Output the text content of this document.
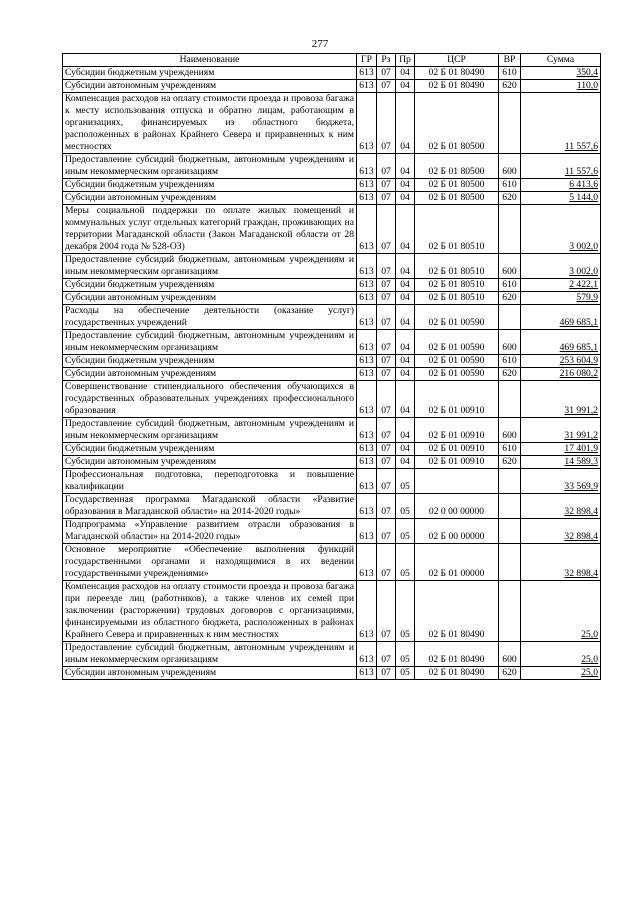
277
Наименование	ГР	Рз	Пр	ЦСР	ВР	Сумма
Субсидии бюджетным учреждениям	613	07	04	02 Б 01 80490	610	350,4
Субсидии автономным учреждениям	613	07	04	02 Б 01 80490	620	110,0
Компенсация расходов на оплату стоимости проезда и провоза багажа к месту использования отпуска и обратно лицам, работающим в организациях, финансируемых из областного бюджета, расположенных в районах Крайнего Севера и приравненных к ним местностях	613	07	04	02 Б 01 80500		11 557,6
Предоставление субсидий бюджетным, автономным учреждениям и иным некоммерческим организациям	613	07	04	02 Б 01 80500	600	11 557,6
Субсидии бюджетным учреждениям	613	07	04	02 Б 01 80500	610	6 413,6
Субсидии автономным учреждениям	613	07	04	02 Б 01 80500	620	5 144,0
Меры социальной поддержки по оплате жилых помещений и коммунальных услуг отдельных категорий граждан, проживающих на территории Магаданской области (Закон Магаданской области от 28 декабря 2004 года № 528-ОЗ)	613	07	04	02 Б 01 80510		3 002,0
Предоставление субсидий бюджетным, автономным учреждениям и иным некоммерческим организациям	613	07	04	02 Б 01 80510	600	3 002,0
Субсидии бюджетным учреждениям	613	07	04	02 Б 01 80510	610	2 422,1
Субсидии автономным учреждениям	613	07	04	02 Б 01 80510	620	579,9
Расходы на обеспечение деятельности (оказание услуг) государственных учреждений	613	07	04	02 Б 01 00590		469 685,1
Предоставление субсидий бюджетным, автономным учреждениям и иным некоммерческим организациям	613	07	04	02 Б 01 00590	600	469 685,1
Субсидии бюджетным учреждениям	613	07	04	02 Б 01 00590	610	253 604,9
Субсидии автономным учреждениям	613	07	04	02 Б 01 00590	620	216 080,2
Совершенствование стипендиального обеспечения обучающихся в государственных образовательных учреждениях профессионального образования	613	07	04	02 Б 01 00910		31 991,2
Предоставление субсидий бюджетным, автономным учреждениям и иным некоммерческим организациям	613	07	04	02 Б 01 00910	600	31 991,2
Субсидии бюджетным учреждениям	613	07	04	02 Б 01 00910	610	17 401,9
Субсидии автономным учреждениям	613	07	04	02 Б 01 00910	620	14 589,3
Профессиональная подготовка, переподготовка и повышение квалификации	613	07	05			33 569,9
Государственная программа Магаданской области «Развитие образования в Магаданской области» на 2014-2020 годы»	613	07	05	02 0 00 00000		32 898,4
Подпрограмма «Управление развитием отрасли образования в Магаданской области» на 2014-2020 годы»	613	07	05	02 Б 00 00000		32 898,4
Основное мероприятие «Обеспечение выполнения функций государственными органами и находящимися в их ведении государственными учреждениями»	613	07	05	02 Б 01 00000		32 898,4
Компенсация расходов на оплату стоимости проезда и провоза багажа при переезде лиц (работников), а также членов их семей при заключении (расторжении) трудовых договоров с организациями, финансируемыми из областного бюджета, расположенных в районах Крайнего Севера и приравненных к ним местностях	613	07	05	02 Б 01 80490		25,0
Предоставление субсидий бюджетным, автономным учреждениям и иным некоммерческим организациям	613	07	05	02 Б 01 80490	600	25,0
Субсидии автономным учреждениям	613	07	05	02 Б 01 80490	620	25,0
